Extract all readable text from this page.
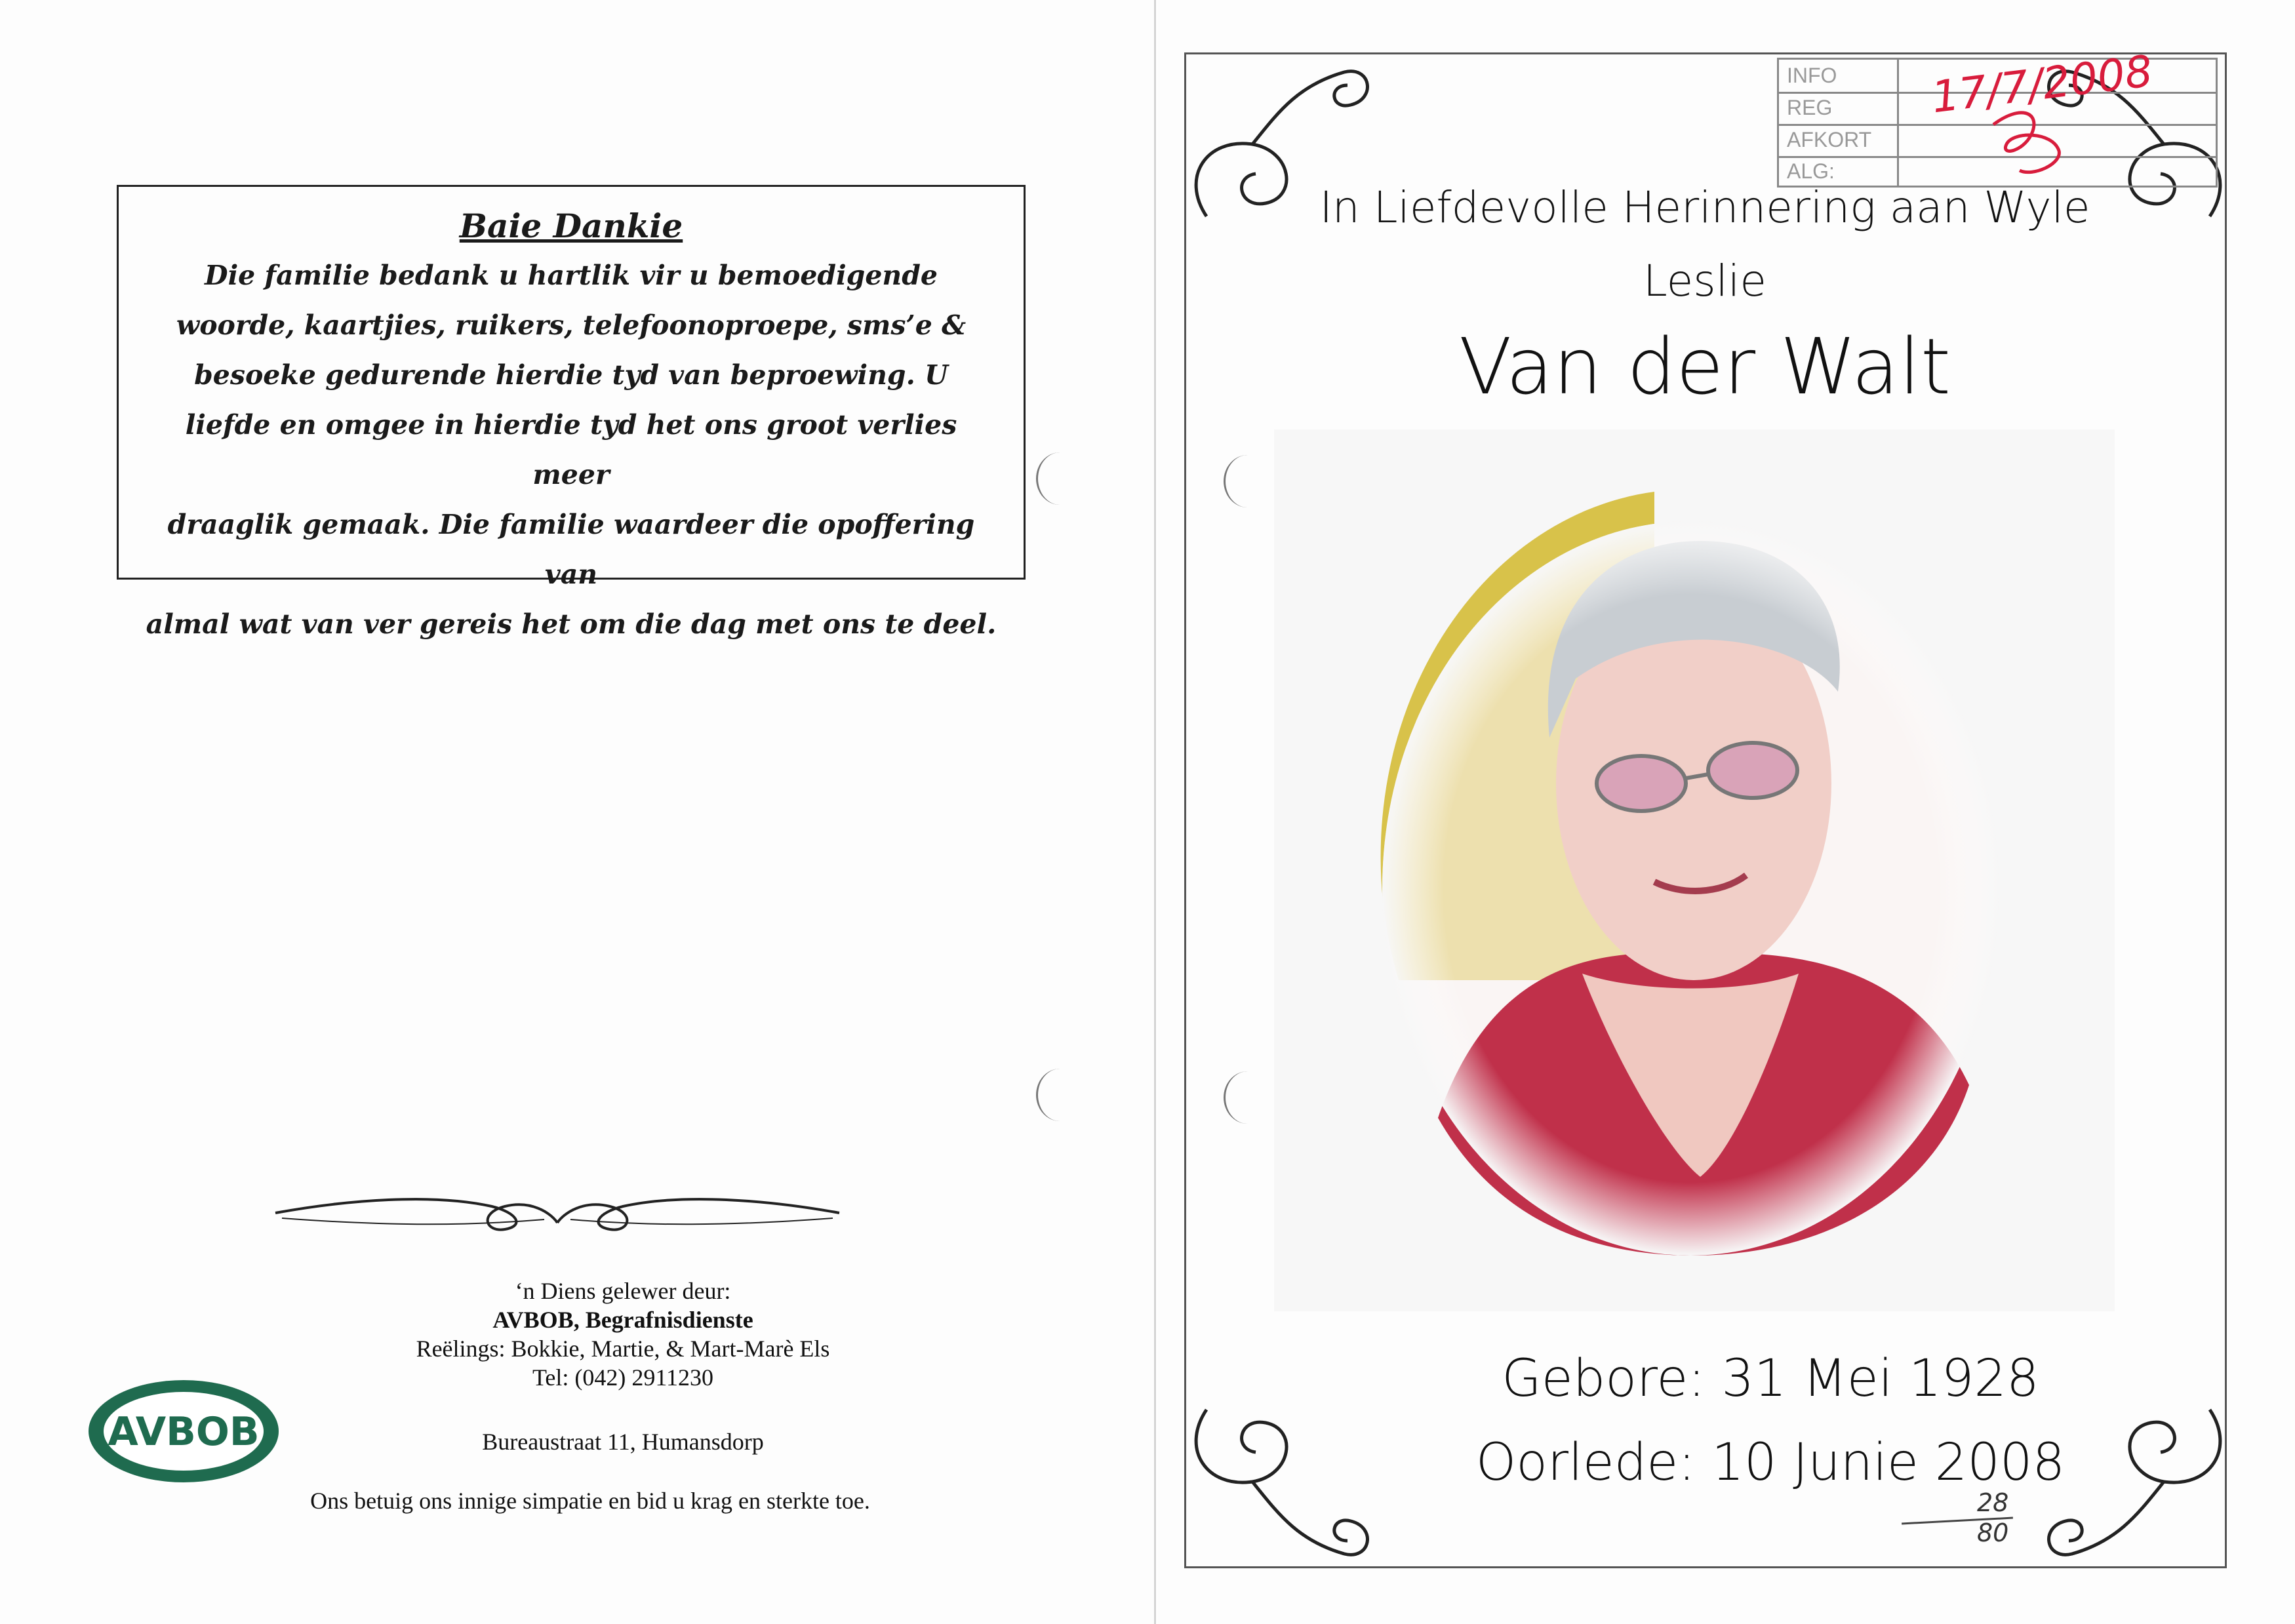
Baie Dankie
Die familie bedank u hartlik vir u bemoedigende
woorde, kaartjies, ruikers, telefoonoproepe, sms’e &
besoeke gedurende hierdie tyd van beproewing. U
liefde en omgee in hierdie tyd het ons groot verlies meer
draaglik gemaak. Die familie waardeer die opoffering van
almal wat van ver gereis het om die dag met ons te deel.
‘n Diens gelewer deur:
AVBOB, Begrafnisdienste
Reëlings: Bokkie, Martie, & Mart-Marè Els
Tel: (042) 2911230
Bureaustraat 11, Humansdorp
Ons betuig ons innige simpatie en bid u krag en sterkte toe.
AVBOB
INFO
REG
AFKORT
ALG:
17/7/2008
In Liefdevolle Herinnering aan Wyle
Leslie
Van der Walt
Gebore: 31 Mei 1928
Oorlede: 10 Junie 2008
28
80
